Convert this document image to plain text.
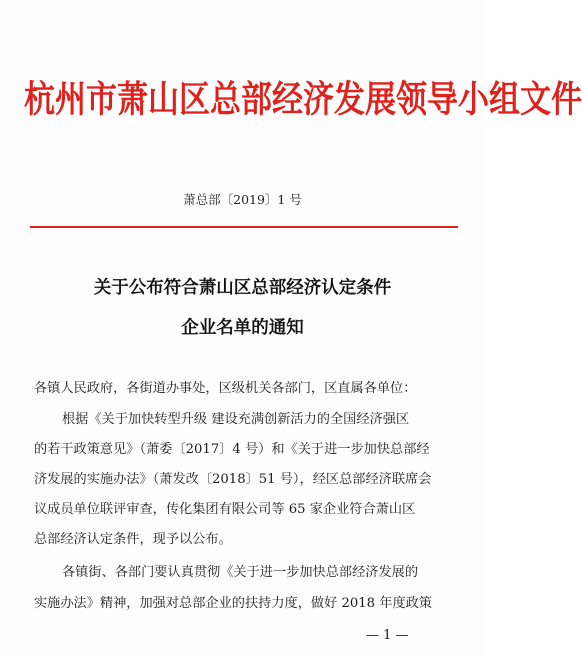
杭州市萧山区总部经济发展领导小组文件
萧总部〔2019〕1 号
关于公布符合萧山区总部经济认定条件
企业名单的通知
各镇人民政府，各街道办事处，区级机关各部门，区直属各单位：
根据《关于加快转型升级 建设充满创新活力的全国经济强区
的若干政策意见》（萧委〔2017〕4 号）和《关于进一步加快总部经
济发展的实施办法》（萧发改〔2018〕51 号），经区总部经济联席会
议成员单位联评审查，传化集团有限公司等 65 家企业符合萧山区
总部经济认定条件，现予以公布。
各镇街、各部门要认真贯彻《关于进一步加快总部经济发展的
实施办法》精神，加强对总部企业的扶持力度，做好 2018 年度政策
— 1 —
